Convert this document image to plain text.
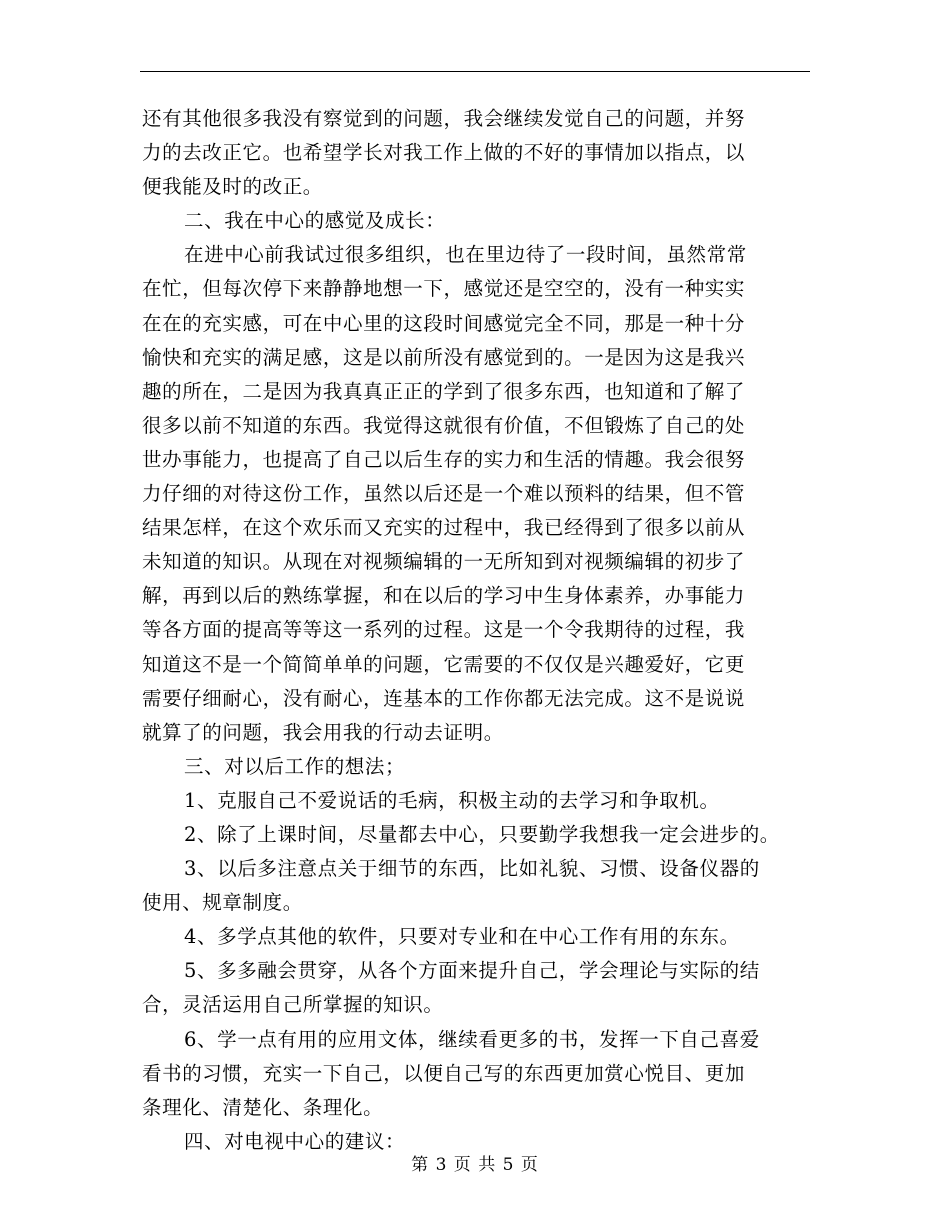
还有其他很多我没有察觉到的问题，我会继续发觉自己的问题，并努
力的去改正它。也希望学长对我工作上做的不好的事情加以指点，以
便我能及时的改正。
二、我在中心的感觉及成长：
在进中心前我试过很多组织，也在里边待了一段时间，虽然常常
在忙，但每次停下来静静地想一下，感觉还是空空的，没有一种实实
在在的充实感，可在中心里的这段时间感觉完全不同，那是一种十分
愉快和充实的满足感，这是以前所没有感觉到的。一是因为这是我兴
趣的所在，二是因为我真真正正的学到了很多东西，也知道和了解了
很多以前不知道的东西。我觉得这就很有价值，不但锻炼了自己的处
世办事能力，也提高了自己以后生存的实力和生活的情趣。我会很努
力仔细的对待这份工作，虽然以后还是一个难以预料的结果，但不管
结果怎样，在这个欢乐而又充实的过程中，我已经得到了很多以前从
未知道的知识。从现在对视频编辑的一无所知到对视频编辑的初步了
解，再到以后的熟练掌握，和在以后的学习中生身体素养，办事能力
等各方面的提高等等这一系列的过程。这是一个令我期待的过程，我
知道这不是一个简简单单的问题，它需要的不仅仅是兴趣爱好，它更
需要仔细耐心，没有耐心，连基本的工作你都无法完成。这不是说说
就算了的问题，我会用我的行动去证明。
三、对以后工作的想法；
1、克服自己不爱说话的毛病，积极主动的去学习和争取机。
2、除了上课时间，尽量都去中心，只要勤学我想我一定会进步的。
3、以后多注意点关于细节的东西，比如礼貌、习惯、设备仪器的
使用、规章制度。
4、多学点其他的软件，只要对专业和在中心工作有用的东东。
5、多多融会贯穿，从各个方面来提升自己，学会理论与实际的结
合，灵活运用自己所掌握的知识。
6、学一点有用的应用文体，继续看更多的书，发挥一下自己喜爱
看书的习惯，充实一下自己，以便自己写的东西更加赏心悦目、更加
条理化、清楚化、条理化。
四、对电视中心的建议：
第 3 页 共 5 页
